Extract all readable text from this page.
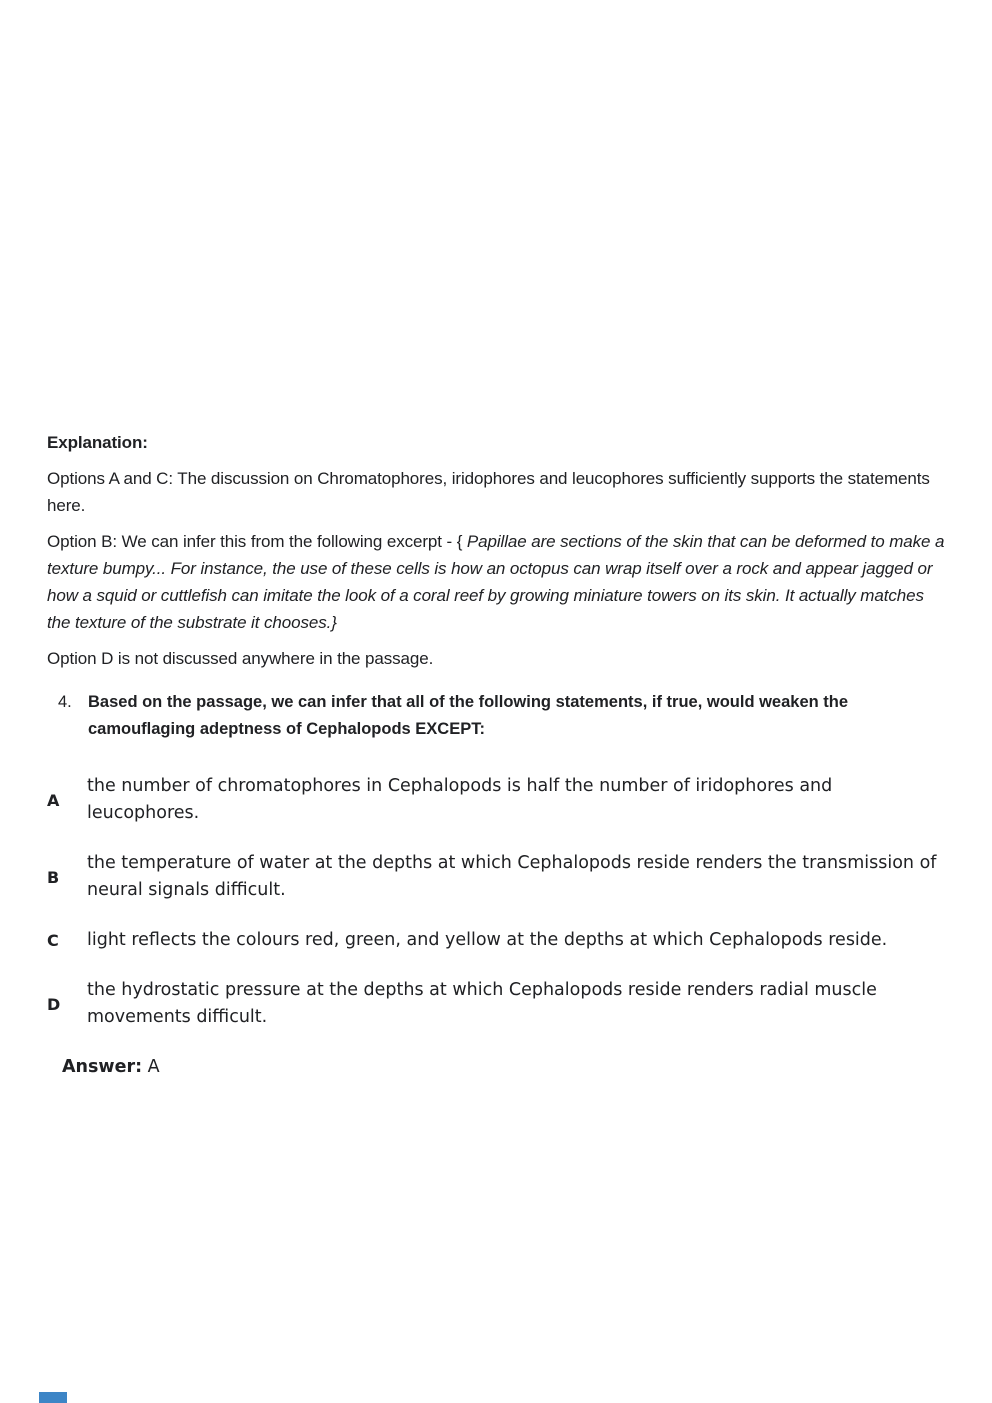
Explanation:

Options A and C: The discussion on Chromatophores, iridophores and leucophores sufficiently supports the statements here.

Option B: We can infer this from the following excerpt - { Papillae are sections of the skin that can be deformed to make a texture bumpy... For instance, the use of these cells is how an octopus can wrap itself over a rock and appear jagged or how a squid or cuttlefish can imitate the look of a coral reef by growing miniature towers on its skin. It actually matches the texture of the substrate it chooses.}

Option D is not discussed anywhere in the passage.

4. Based on the passage, we can infer that all of the following statements, if true, would weaken the camouflaging adeptness of Cephalopods EXCEPT:
A
the number of chromatophores in Cephalopods is half the number of iridophores and leucophores.
B
the temperature of water at the depths at which Cephalopods reside renders the transmission of neural signals difficult.
C	light reflects the colours red, green, and yellow at the depths at which Cephalopods reside.
D
the hydrostatic pressure at the depths at which Cephalopods reside renders radial muscle movements difficult.
Answer: A
